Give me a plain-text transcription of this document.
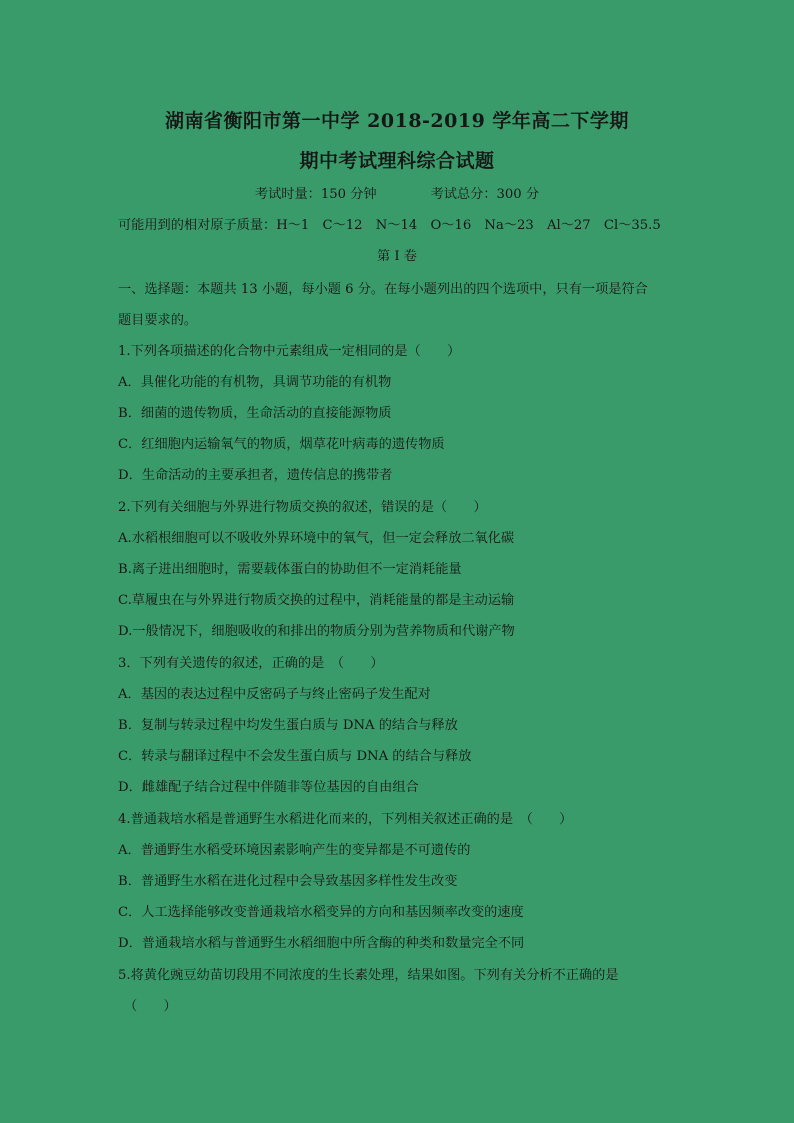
湖南省衡阳市第一中学 2018-2019 学年高二下学期
期中考试理科综合试题
考试时量：150 分钟	考试总分：300 分
可能用到的相对原子质量：H～1　C～12　N～14　O～16　Na～23　Al～27　Cl～35.5
第 I 卷
一、选择题：本题共 13 小题，每小题 6 分。在每小题列出的四个选项中，只有一项是符合
题目要求的。
1.下列各项描述的化合物中元素组成一定相同的是（　　）
A．具催化功能的有机物，具调节功能的有机物
B．细菌的遗传物质，生命活动的直接能源物质
C．红细胞内运输氧气的物质，烟草花叶病毒的遗传物质
D．生命活动的主要承担者，遗传信息的携带者
2.下列有关细胞与外界进行物质交换的叙述，错误的是（　　）
A.水稻根细胞可以不吸收外界环境中的氧气，但一定会释放二氧化碳
B.离子进出细胞时，需要载体蛋白的协助但不一定消耗能量
C.草履虫在与外界进行物质交换的过程中，消耗能量的都是主动运输
D.一般情况下，细胞吸收的和排出的物质分别为营养物质和代谢产物
3．下列有关遗传的叙述，正确的是　（　　）
A．基因的表达过程中反密码子与终止密码子发生配对
B．复制与转录过程中均发生蛋白质与 DNA 的结合与释放
C．转录与翻译过程中不会发生蛋白质与 DNA 的结合与释放
D．雌雄配子结合过程中伴随非等位基因的自由组合
4.普通栽培水稻是普通野生水稻进化而来的，下列相关叙述正确的是　（　　）
A．普通野生水稻受环境因素影响产生的变异都是不可遗传的
B．普通野生水稻在进化过程中会导致基因多样性发生改变
C．人工选择能够改变普通栽培水稻变异的方向和基因频率改变的速度
D．普通栽培水稻与普通野生水稻细胞中所含酶的种类和数量完全不同
5.将黄化豌豆幼苗切段用不同浓度的生长素处理，结果如图。下列有关分析不正确的是
（　　）
